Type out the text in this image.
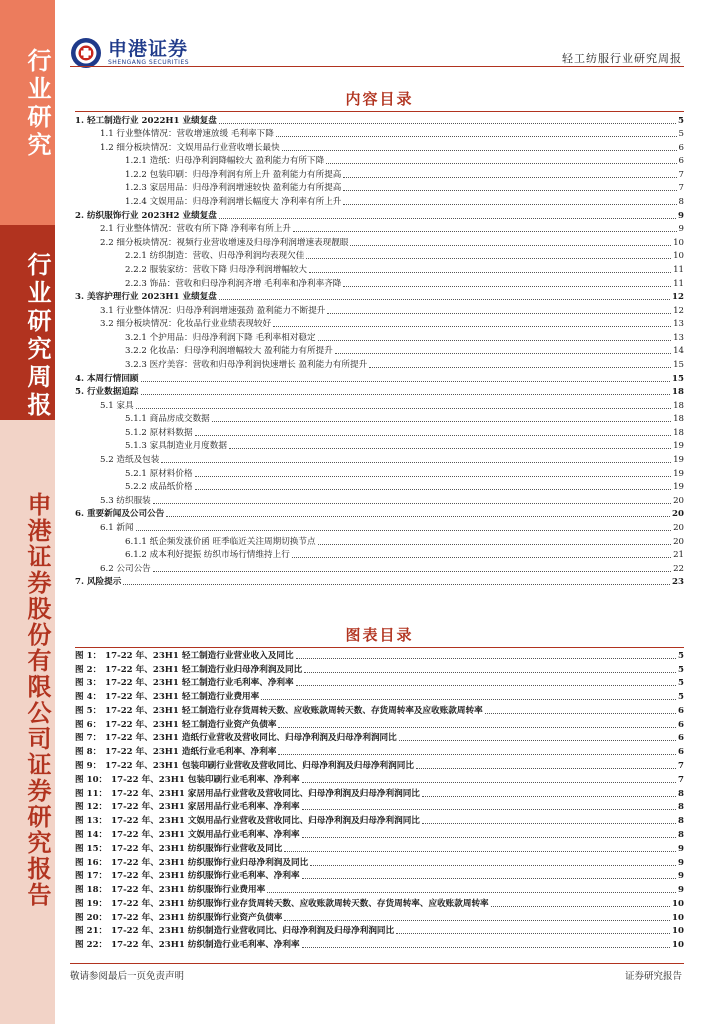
行业研究
行业研究周报
申港证券股份有限公司证券研究报告
申港证券
SHENGANG SECURITIES	轻工纺服行业研究周报
内容目录
1. 轻工制造行业 2022H1 业绩复盘	5
1.1 行业整体情况：营收增速放缓 毛利率下降	5
1.2 细分板块情况：文娱用品行业营收增长最快	6
1.2.1 造纸：归母净利润降幅较大 盈利能力有所下降	6
1.2.2 包装印刷：归母净利润有所上升 盈利能力有所提高	7
1.2.3 家居用品：归母净利润增速较快 盈利能力有所提高	7
1.2.4 文娱用品：归母净利润增长幅度大 净利率有所上升	8
2. 纺织服饰行业 2023H2 业绩复盘	9
2.1 行业整体情况：营收有所下降 净利率有所上升	9
2.2 细分板块情况：视频行业营收增速及归母净利润增速表现靓眼	10
2.2.1 纺织制造：营收、归母净利润均表现欠佳	10
2.2.2 服装家纺：营收下降 归母净利润增幅较大	11
2.2.3 饰品：营收和归母净利润齐增 毛利率和净利率齐降	11
3. 美容护理行业 2023H1 业绩复盘	12
3.1 行业整体情况：归母净利润增速强劲 盈利能力不断提升	12
3.2 细分板块情况：化妆品行业业绩表现较好	13
3.2.1 个护用品：归母净利润下降 毛利率相对稳定	13
3.2.2 化妆品：归母净利润增幅较大 盈利能力有所提升	14
3.2.3 医疗美容：营收和归母净利润快速增长 盈利能力有所提升	15
4. 本周行情回顾	15
5. 行业数据追踪	18
5.1 家具	18
5.1.1 商品房成交数据	18
5.1.2 原材料数据	18
5.1.3 家具制造业月度数据	19
5.2 造纸及包装	19
5.2.1 原材料价格	19
5.2.2 成品纸价格	19
5.3 纺织服装	20
6. 重要新闻及公司公告	20
6.1 新闻	20
6.1.1 纸企频发涨价函 旺季临近关注周期切换节点	20
6.1.2 成本利好提振 纺织市场行情维持上行	21
6.2 公司公告	22
7. 风险提示	23
图表目录
图 1： 17-22 年、23H1 轻工制造行业营业收入及同比	5
图 2： 17-22 年、23H1 轻工制造行业归母净利润及同比	5
图 3： 17-22 年、23H1 轻工制造行业毛利率、净利率	5
图 4： 17-22 年、23H1 轻工制造行业费用率	5
图 5： 17-22 年、23H1 轻工制造行业存货周转天数、应收账款周转天数、存货周转率及应收账款周转率	6
图 6： 17-22 年、23H1 轻工制造行业资产负债率	6
图 7： 17-22 年、23H1 造纸行业营收及营收同比、归母净利润及归母净利润同比	6
图 8： 17-22 年、23H1 造纸行业毛利率、净利率	6
图 9： 17-22 年、23H1 包装印刷行业营收及营收同比、归母净利润及归母净利润同比	7
图 10： 17-22 年、23H1 包装印刷行业毛利率、净利率	7
图 11： 17-22 年、23H1 家居用品行业营收及营收同比、归母净利润及归母净利润同比	8
图 12： 17-22 年、23H1 家居用品行业毛利率、净利率	8
图 13： 17-22 年、23H1 文娱用品行业营收及营收同比、归母净利润及归母净利润同比	8
图 14： 17-22 年、23H1 文娱用品行业毛利率、净利率	8
图 15： 17-22 年、23H1 纺织服饰行业营收及同比	9
图 16： 17-22 年、23H1 纺织服饰行业归母净利润及同比	9
图 17： 17-22 年、23H1 纺织服饰行业毛利率、净利率	9
图 18： 17-22 年、23H1 纺织服饰行业费用率	9
图 19： 17-22 年、23H1 纺织服饰行业存货周转天数、应收账款周转天数、存货周转率、应收账款周转率	10
图 20： 17-22 年、23H1 纺织服饰行业资产负债率	10
图 21： 17-22 年、23H1 纺织制造行业营收同比、归母净利润及归母净利润同比	10
图 22： 17-22 年、23H1 纺织制造行业毛利率、净利率	10
敬请参阅最后一页免责声明	证券研究报告
